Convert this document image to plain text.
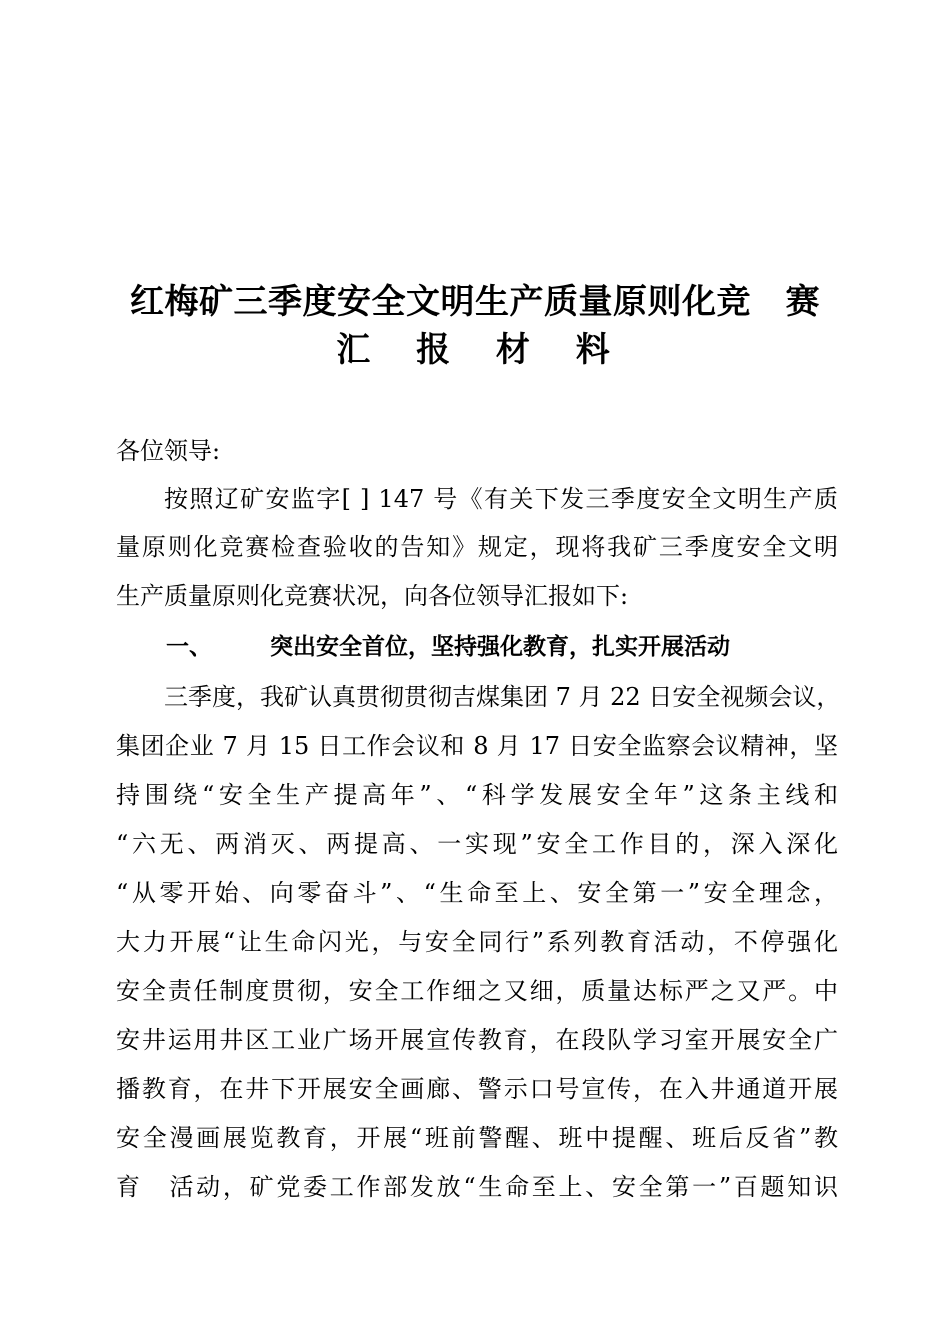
红梅矿三季度安全文明生产质量原则化竞　赛
汇 报 材 料
各位领导:
按照辽矿安监字[ ] 147 号《有关下发三季度安全文明生产质
量原则化竞赛检查验收的告知》规定，现将我矿三季度安全文明
生产质量原则化竞赛状况，向各位领导汇报如下:
一、	突出安全首位，坚持强化教育，扎实开展活动
三季度，我矿认真贯彻贯彻吉煤集团 7 月 22 日安全视频会议，
集团企业 7 月 15 日工作会议和 8 月 17 日安全监察会议精神，坚
持围绕“安全生产提高年”、“科学发展安全年”这条主线和
“六无、两消灭、两提高、一实现”安全工作目的，深入深化
“从零开始、向零奋斗”、“生命至上、安全第一”安全理念，
大力开展“让生命闪光，与安全同行”系列教育活动，不停强化
安全责任制度贯彻，安全工作细之又细，质量达标严之又严。中
安井运用井区工业广场开展宣传教育，在段队学习室开展安全广
播教育，在井下开展安全画廊、警示口号宣传，在入井通道开展
安全漫画展览教育，开展“班前警醒、班中提醒、班后反省”教
育　活动，矿党委工作部发放“生命至上、安全第一”百题知识
